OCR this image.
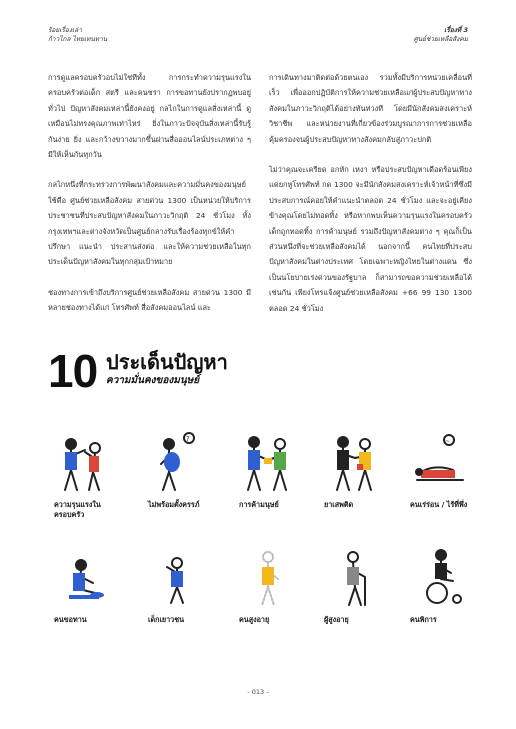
ร้อยเรื่องเล่า
ก้าวไกล ไทยเทนทาน
เรื่องที่ 3
ศูนย์ช่วยเหลือสังคม

การดูแลครอบครัวอบไม่ใช่ทีทั้ง การกระทำความรุนแรงในครอบครัวต่อเด็ก สตรี และคนชรา การขอทานยังปรากฏพบอยู่ทั่วไป ปัญหาสังคมเหล่านี้ยังคงอยู่ กลไกในการดูแลสิ่งเหล่านี้ ดูเหมือนไม่ทรงคุณภาพเท่าไหร่ ยิ่งในภาวะปัจจุบันสิ่งเหล่านี้รับรู้กันง่าย ยิ่ง และกว้างขวางมากขึ้นผ่านสื่อออนไลน์ประเภทต่าง ๆ มีให้เห็นกันทุกวัน

กลไกหนึ่งที่กระทรวงการพัฒนาสังคมและความมั่นคงของมนุษย์ใช้คือ ศูนย์ช่วยเหลือสังคม สายด่วน 1300 เป็นหน่วยให้บริการประชาชนที่ประสบปัญหาสังคมในภาวะวิกฤติ 24 ชั่วโมง ทั้งกรุงเทพฯและต่างจังหวัดเป็นศูนย์กลางรับเรื่องร้องทุกข์ให้คำปรึกษา แนะนำ ประสานส่งต่อ และให้ความช่วยเหลือในทุกประเด็นปัญหาสังคมในทุกกลุ่มเป้าหมาย

ช่องทางการเข้าถึงบริการศูนย์ช่วยเหลือสังคม สายด่วน 1300 มีหลายช่องทางได้แก่ โทรศัพท์ สื่อสังคมออนไลน์ และ

การเดินทางมาติดต่อด้วยตนเอง รวมทั้งมีบริการหน่วยเคลื่อนที่เร็ว เพื่อออกปฏิบัติการให้ความช่วยเหลือแก่ผู้ประสบปัญหาทางสังคมในภาวะวิกฤติได้อย่างทันท่วงที โดยมีนักสังคมสงเคราะห์วิชาชีพ และหน่วยงานที่เกี่ยวข้องร่วมบูรณาการการช่วยเหลือคุ้มครองจนผู้ประสบปัญหาทางสังคมกลับสู่ภาวะปกติ

ไม่ว่าคุณจะเครียด อกหัก เหงา หรือประสบปัญหาเดือดร้อนเพียงแค่ยกหูโทรศัพท์ กด 1300 จะมีนักสังคมสงเคราะห์เจ้าหน้าที่ซึ่งมีประสบการณ์คอยให้คำแนะนำตลอด 24 ชั่วโมง และจะอยู่เคียงข้างคุณโดยไม่ทอดทิ้ง หรือหากพบเห็นความรุนแรงในครอบครัว เด็กถูกทอดทิ้ง การค้ามนุษย์ รวมถึงปัญหาสังคมต่าง ๆ คุณก็เป็นส่วนหนึ่งที่จะช่วยเหลือสังคมได้ นอกจากนี้ คนไทยที่ประสบปัญหาสังคมในต่างประเทศ โดยเฉพาะหญิงไทยในต่างแดน ซึ่งเป็นนโยบายเร่งด่วนของรัฐบาล ก็สามารถขอความช่วยเหลือได้เช่นกัน เพียงโทรแจ้งศูนย์ช่วยเหลือสังคม +66 99 130 1300 ตลอด 24 ชั่วโมง

10 ประเด็นปัญหา
ความมั่นคงของมนุษย์
ความรุนแรงในครอบครัว
?
ไม่พร้อมตั้งครรภ์	การค้ามนุษย์	ยาเสพติด
~
คนเร่ร่อน / ไร้ที่พึ่ง
คนขอทาน	เด็กเยาวชน	คนสูงอายุ	ผู้สูงอายุ	คนพิการ
- 013 -
